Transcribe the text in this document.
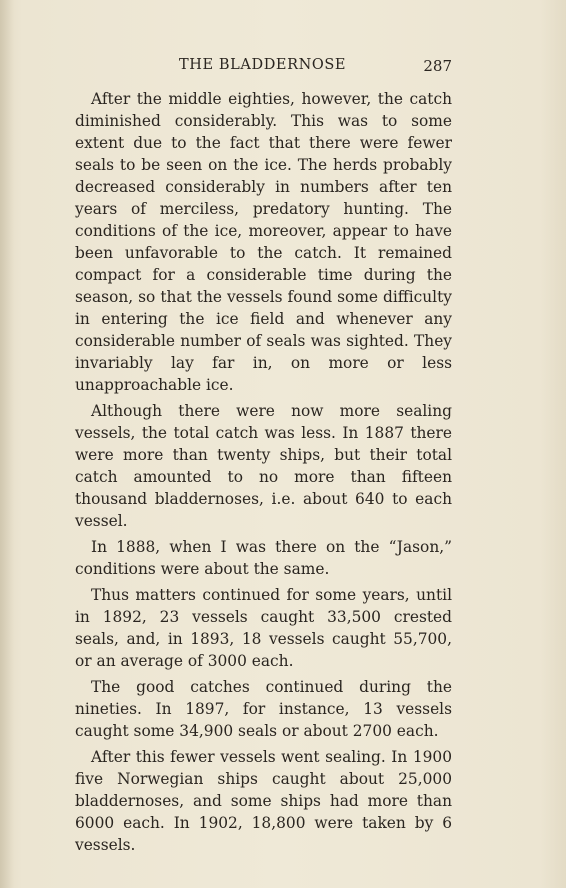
THE BLADDERNOSE	287

After the middle eighties, however, the catch diminished considerably. This was to some extent due to the fact that there were fewer seals to be seen on the ice. The herds probably decreased considerably in numbers after ten years of merciless, predatory hunting. The conditions of the ice, moreover, appear to have been unfavorable to the catch. It remained compact for a considerable time during the season, so that the vessels found some difficulty in entering the ice field and whenever any considerable number of seals was sighted. They invariably lay far in, on more or less unapproachable ice.

Although there were now more sealing vessels, the total catch was less. In 1887 there were more than twenty ships, but their total catch amounted to no more than fifteen thousand bladdernoses, i.e. about 640 to each vessel.

In 1888, when I was there on the “Jason,” conditions were about the same.

Thus matters continued for some years, until in 1892, 23 vessels caught 33,500 crested seals, and, in 1893, 18 vessels caught 55,700, or an average of 3000 each.

The good catches continued during the nineties. In 1897, for instance, 13 vessels caught some 34,900 seals or about 2700 each.

After this fewer vessels went sealing. In 1900 five Norwegian ships caught about 25,000 bladdernoses, and some ships had more than 6000 each. In 1902, 18,800 were taken by 6 vessels.
